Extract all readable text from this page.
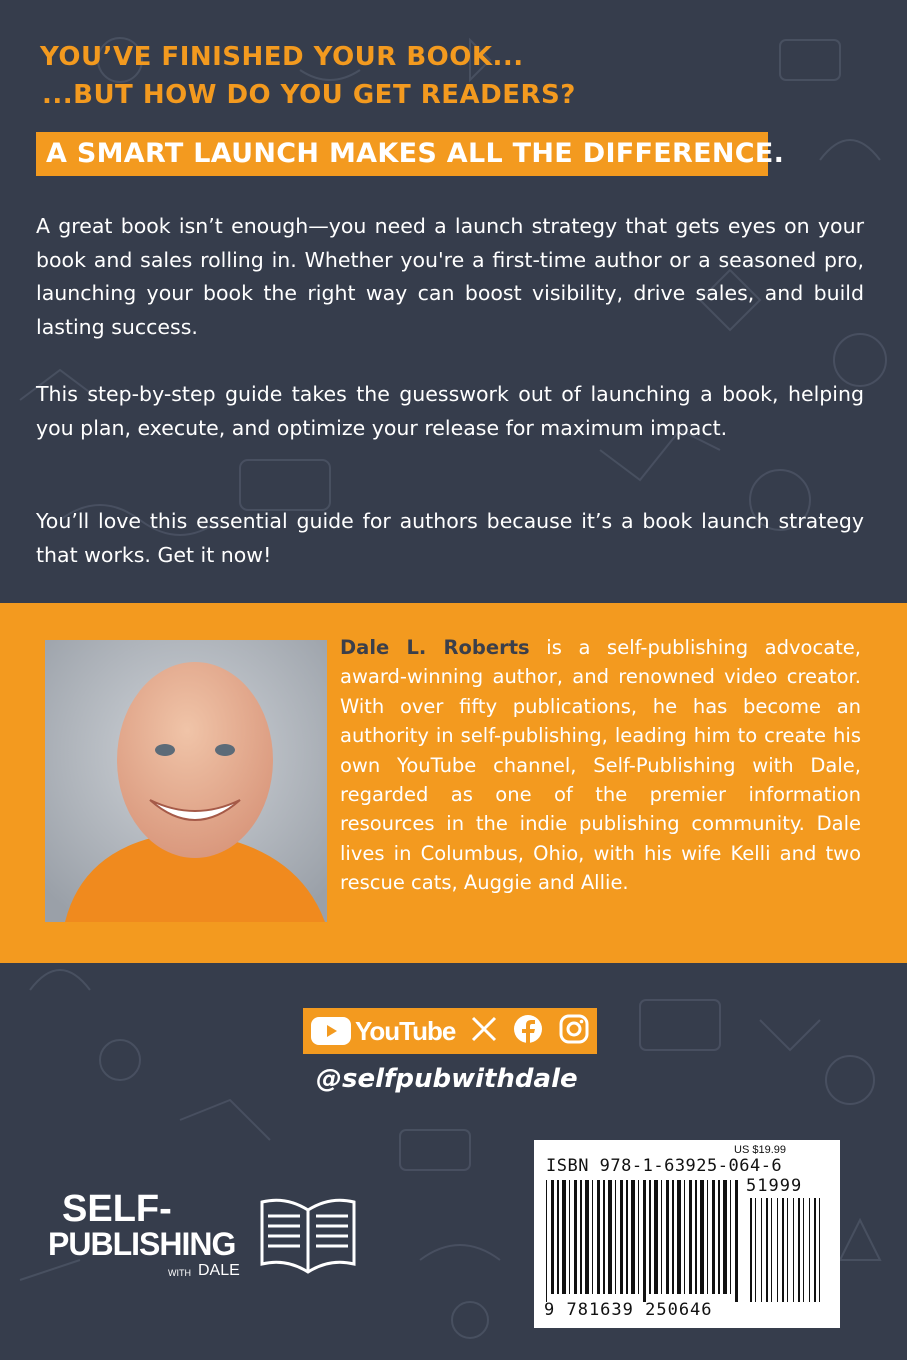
YOU’VE FINISHED YOUR BOOK...
...BUT HOW DO YOU GET READERS?
A SMART LAUNCH MAKES ALL THE DIFFERENCE.

A great book isn’t enough—you need a launch strategy that gets eyes on your book and sales rolling in. Whether you're a first-time author or a seasoned pro, launching your book the right way can boost visibility, drive sales, and build lasting success.

This step-by-step guide takes the guesswork out of launching a book, helping you plan, execute, and optimize your release for maximum impact.

You’ll love this essential guide for authors because it’s a book launch strategy that works. Get it now!

Dale L. Roberts is a self-publishing advocate, award-winning author, and renowned video creator. With over fifty publications, he has become an authority in self-publishing, leading him to create his own YouTube channel, Self-Publishing with Dale, regarded as one of the premier information resources in the indie publishing community. Dale lives in Columbus, Ohio, with his wife Kelli and two rescue cats, Auggie and Allie.

YouTube
@selfpubwithdale
SELF-
PUBLISHING
WITH DALE
US $19.99
ISBN 978-1-63925-064-6
51999
9 781639 250646
